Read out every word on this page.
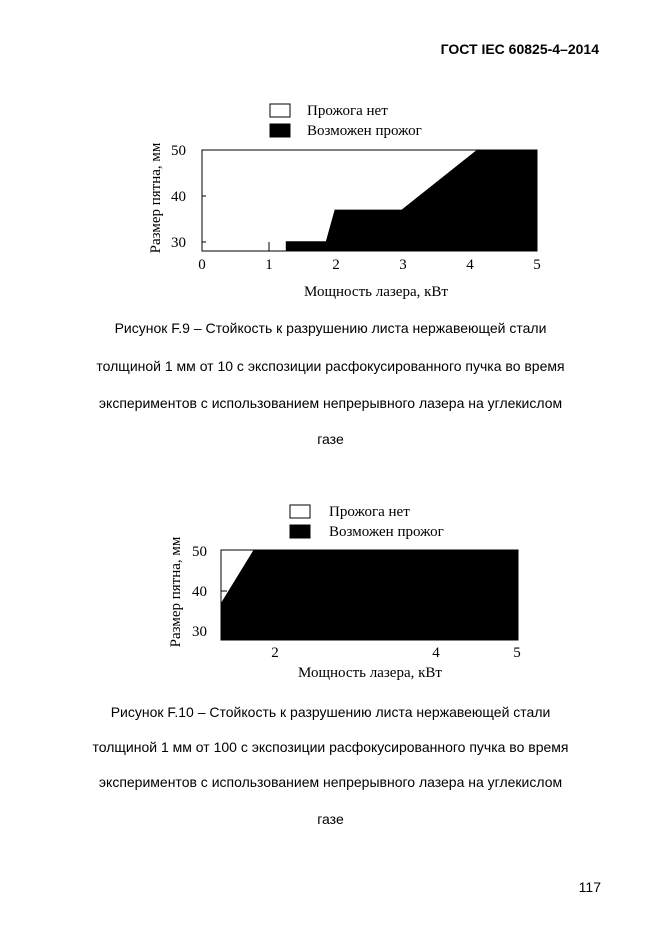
ГОСТ IEC 60825-4–2014
Прожога нет
Возможен прожог
50
40
30
0	1	2	3	4	5
Мощность лазера, кВт
Размер пятна, мм
Рисунок F.9 – Стойкость к разрушению листа нержавеющей стали
толщиной 1 мм от 10 с экспозиции расфокусированного пучка во время
экспериментов с использованием непрерывного лазера на углекислом
газе
Прожога нет
Возможен прожог
50
40
30
2	4	5
Мощность лазера, кВт
Размер пятна, мм
Рисунок F.10 – Стойкость к разрушению листа нержавеющей стали
толщиной 1 мм от 100 с экспозиции расфокусированного пучка во время
экспериментов с использованием непрерывного лазера на углекислом
газе
117
